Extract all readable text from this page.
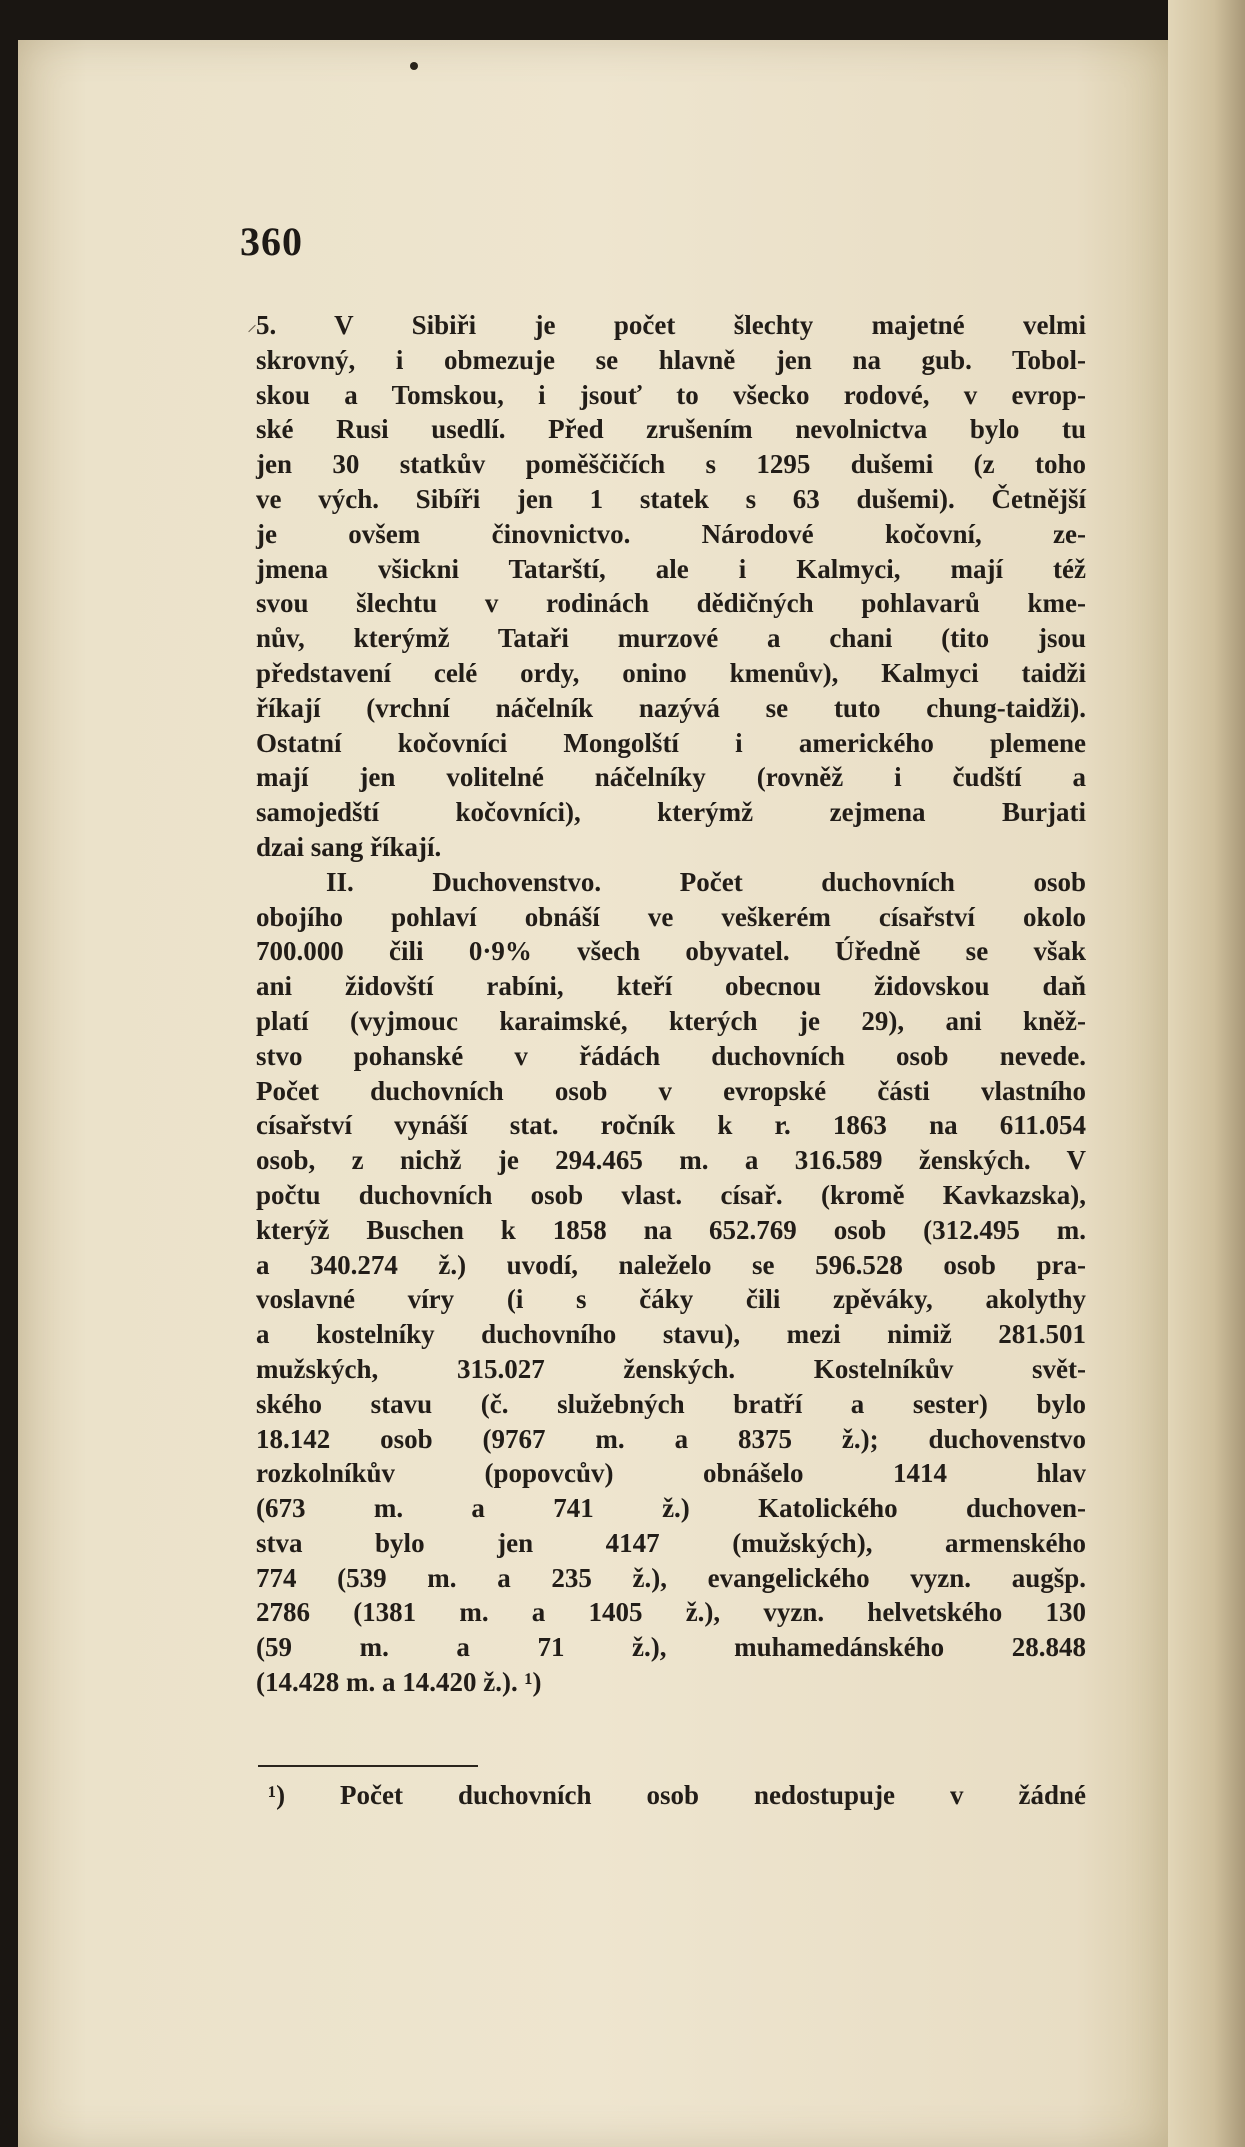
360
⸍ 5. V Sibiři je počet šlechty majetné velmi
skrovný, i obmezuje se hlavně jen na gub. Tobol-
skou a Tomskou, i jsouť to všecko rodové, v evrop-
ské Rusi usedlí. Před zrušením nevolnictva bylo tu
jen 30 statkův poměščičích s 1295 dušemi (z toho
ve vých. Sibíři jen 1 statek s 63 dušemi). Četnější
je ovšem činovnictvo. Národové kočovní, ze-
jmena všickni Tatarští, ale i Kalmyci, mají též
svou šlechtu v rodinách dědičných pohlavarů kme-
nův, kterýmž Tataři murzové a chani (tito jsou
představení celé ordy, onino kmenův), Kalmyci taidži
říkají (vrchní náčelník nazývá se tuto chung-taidži).
Ostatní kočovníci Mongolští i amerického plemene
mají jen volitelné náčelníky (rovněž i čudští a
samojedští kočovníci), kterýmž zejmena Burjati
dzai sang říkají.
II. Duchovenstvo. Počet duchovních osob
obojího pohlaví obnáší ve veškerém císařství okolo
700.000 čili 0·9% všech obyvatel. Úředně se však
ani židovští rabíni, kteří obecnou židovskou daň
platí (vyjmouc karaimské, kterých je 29), ani kněž-
stvo pohanské v řádách duchovních osob nevede.
Počet duchovních osob v evropské části vlastního
císařství vynáší stat. ročník k r. 1863 na 611.054
osob, z nichž je 294.465 m. a 316.589 ženských. V
počtu duchovních osob vlast. císař. (kromě Kavkazska),
kterýž Buschen k 1858 na 652.769 osob (312.495 m.
a 340.274 ž.) uvodí, naleželo se 596.528 osob pra-
voslavné víry (i s čáky čili zpěváky, akolythy
a kostelníky duchovního stavu), mezi nimiž 281.501
mužských, 315.027 ženských. Kostelníkův svět-
ského stavu (č. služebných bratří a sester) bylo
18.142 osob (9767 m. a 8375 ž.); duchovenstvo
rozkolníkův (popovcův) obnášelo 1414 hlav
(673 m. a 741 ž.) Katolického duchoven-
stva bylo jen 4147 (mužských), armenského
774 (539 m. a 235 ž.), evangelického vyzn. augšp.
2786 (1381 m. a 1405 ž.), vyzn. helvetského 130
(59 m. a 71 ž.), muhamedánského 28.848
(14.428 m. a 14.420 ž.). ¹)
¹) Počet duchovních osob nedostupuje v žádné
